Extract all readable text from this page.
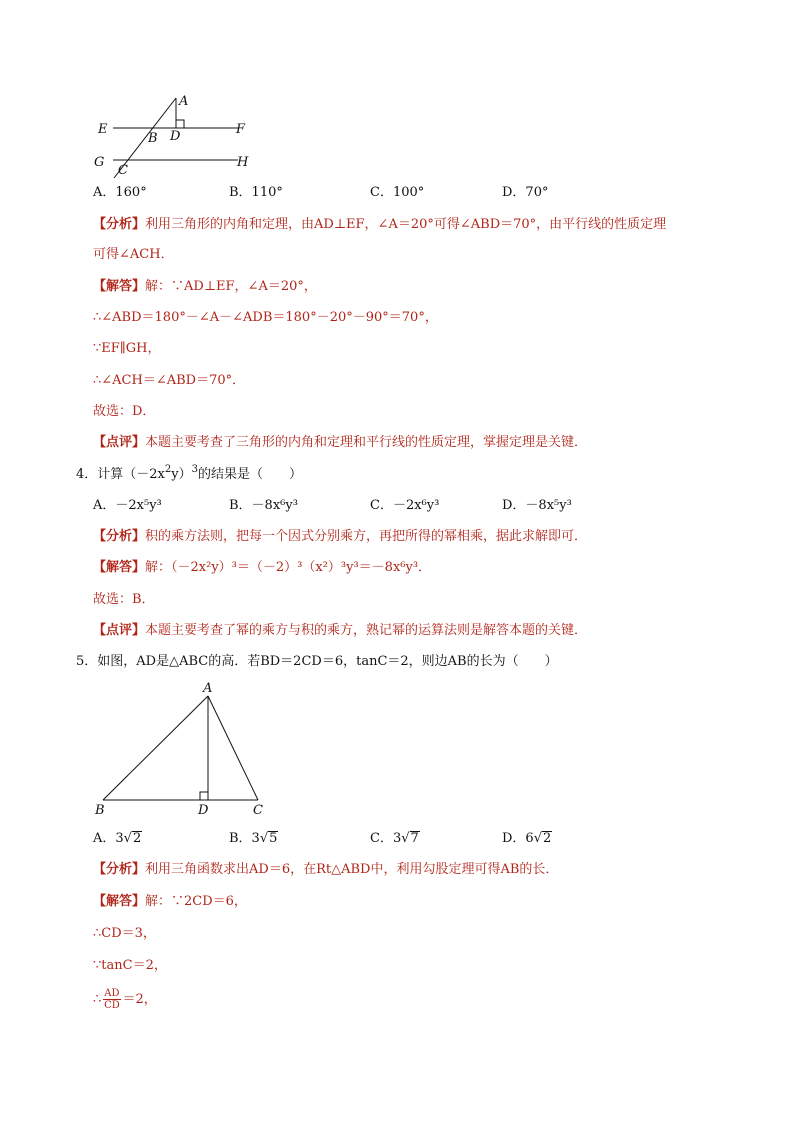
A
E	F
B D
G	H
C
A．160°	B．110°	C．100°	D．70°
【分析】利用三角形的内角和定理，由AD⊥EF，∠A＝20°可得∠ABD＝70°，由平行线的性质定理
可得∠ACH．
【解答】解：∵AD⊥EF，∠A＝20°，
∴∠ABD＝180°－∠A－∠ADB＝180°－20°－90°＝70°，
∵EF∥GH，
∴∠ACH＝∠ABD＝70°．
故选：D．
【点评】本题主要考查了三角形的内角和定理和平行线的性质定理，掌握定理是关键．
4．计算$(-2x^2y)^3$的结果是（　　）
A．－2x⁵y³	B．－8x⁶y³	C．－2x⁶y³	D．－8x⁵y³
【分析】积的乘方法则，把每一个因式分别乘方，再把所得的幂相乘，据此求解即可．
【解答】解：（－2x²y）³＝（－2）³（x²）³y³＝－8x⁶y³．
故选：B．
【点评】本题主要考查了幂的乘方与积的乘方，熟记幂的运算法则是解答本题的关键．
5．如图，AD是△ABC的高．若BD＝2CD＝6，tanC＝2，则边AB的长为（　　）
A
B	D	C
A．3√2	B．3√5	C．3√7	D．6√2
【分析】利用三角函数求出AD＝6，在Rt△ABD中，利用勾股定理可得AB的长．
【解答】解：∵2CD＝6，
∴CD＝3，
∵tanC＝2，
∴ $\frac{AD}{CD} =2$，
